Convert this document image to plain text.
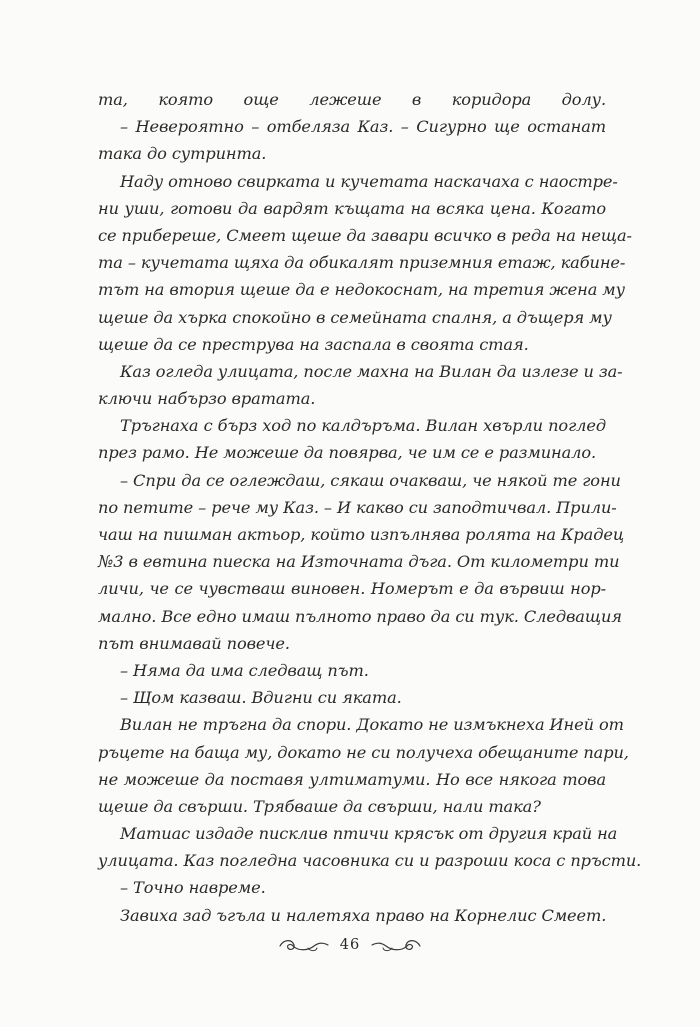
та, която още лежеше в коридора долу.
– Невероятно – отбеляза Каз. – Сигурно ще останат
така до сутринта.
Наду отново свирката и кучетата наскачаха с наостре-
ни уши, готови да вардят къщата на всяка цена. Когато
се прибереше, Смеет щеше да завари всичко в реда на неща-
та – кучетата щяха да обикалят приземния етаж, кабине-
тът на втория щеше да е недокоснат, на третия жена му
щеше да хърка спокойно в семейната спалня, а дъщеря му
щеше да се преструва на заспала в своята стая.
Каз огледа улицата, после махна на Вилан да излезе и за-
ключи набързо вратата.
Тръгнаха с бърз ход по калдъръма. Вилан хвърли поглед
през рамо. Не можеше да повярва, че им се е разминало.
– Спри да се оглеждаш, сякаш очакваш, че някой те гони
по петите – рече му Каз. – И какво си заподтичвал. Прили-
чаш на пишман актьор, който изпълнява ролята на Крадец
№3 в евтина пиеска на Източната дъга. От километри ти
личи, че се чувстваш виновен. Номерът е да вървиш нор-
мално. Все едно имаш пълното право да си тук. Следващия
път внимавай повече.
– Няма да има следващ път.
– Щом казваш. Вдигни си яката.
Вилан не тръгна да спори. Докато не измъкнеха Иней от
ръцете на баща му, докато не си получеха обещаните пари,
не можеше да поставя ултиматуми. Но все някога това
щеше да свърши. Трябваше да свърши, нали така?
Матиас издаде писклив птичи крясък от другия край на
улицата. Каз погледна часовника си и разроши коса с пръсти.
– Точно навреме.
Завиха зад ъгъла и налетяха право на Корнелис Смеет.
46
